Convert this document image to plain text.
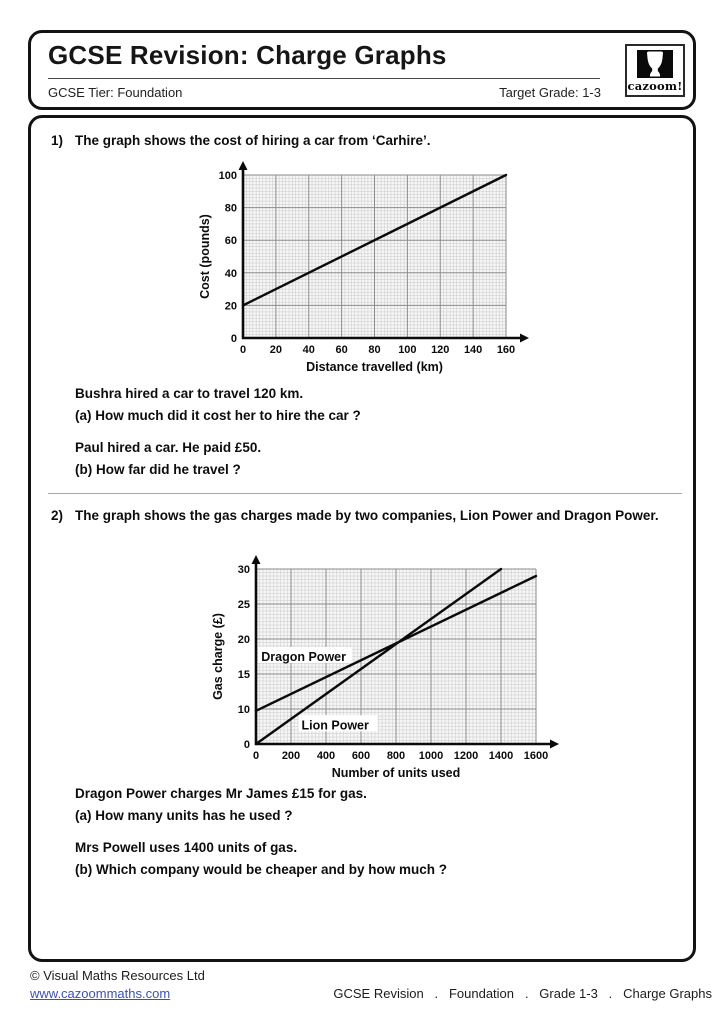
GCSE Revision: Charge Graphs
GCSE Tier: Foundation	Target Grade: 1-3 cazoom!
1) The graph shows the cost of hiring a car from ‘Carhire’.
0 20 40 60 80 100 120 140 160
0
20
40
60
80
100
Distance travelled (km)
Cost (pounds)
Bushra hired a car to travel 120 km.
(a) How much did it cost her to hire the car ?
Paul hired a car. He paid £50.
(b) How far did he travel ?
2) The graph shows the gas charges made by two companies, Lion Power and Dragon Power.
Dragon Power
Lion Power
0 200 400 600 800 1000 1200 1400 1600
0
10
15
20
25
30
Number of units used
Gas charge (£)
Dragon Power charges Mr James £15 for gas.
(a) How many units has he used ?
Mrs Powell uses 1400 units of gas.
(b) Which company would be cheaper and by how much ?
© Visual Maths Resources Ltd
www.cazoommaths.com	GCSE Revision   .   Foundation   .   Grade 1-3   .   Charge Graphs
